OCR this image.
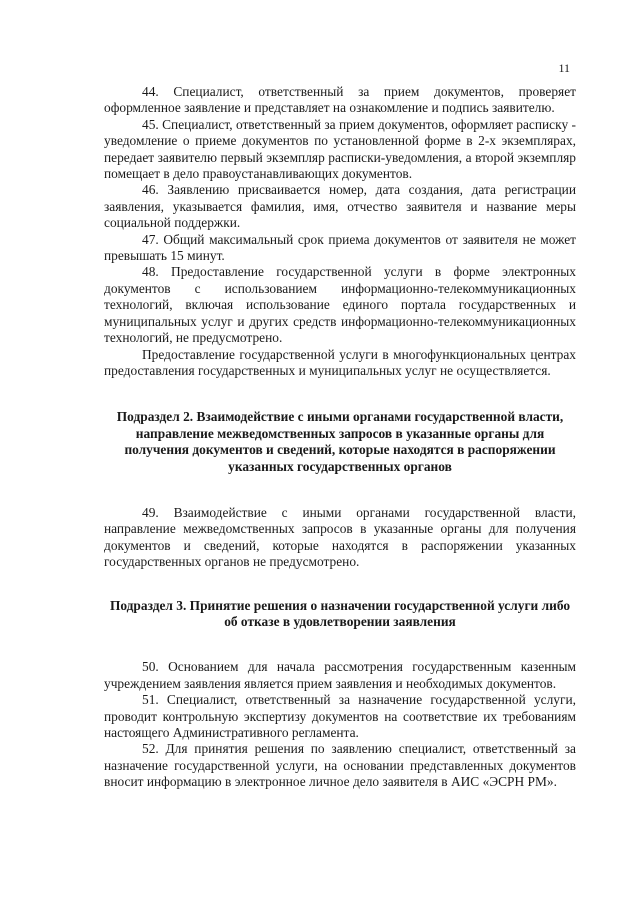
11

44. Специалист, ответственный за прием документов, проверяет оформленное заявление и представляет на ознакомление и подпись заявителю.

45. Специалист, ответственный за прием документов, оформляет расписку - уведомление о приеме документов по установленной форме в 2-х экземплярах, передает заявителю первый экземпляр расписки-уведомления, а второй экземпляр помещает в дело правоустанавливающих документов.

46. Заявлению присваивается номер, дата создания, дата регистрации заявления, указывается фамилия, имя, отчество заявителя и название меры социальной поддержки.

47. Общий максимальный срок приема документов от заявителя не может превышать 15 минут.

48. Предоставление государственной услуги в форме электронных документов с использованием информационно-телекоммуникационных технологий, включая использование единого портала государственных и муниципальных услуг и других средств информационно-телекоммуникационных технологий, не предусмотрено.

Предоставление государственной услуги в многофункциональных центрах предоставления государственных и муниципальных услуг не осуществляется.

Подраздел 2. Взаимодействие с иными органами государственной власти, направление межведомственных запросов в указанные органы для получения документов и сведений, которые находятся в распоряжении указанных государственных органов

49. Взаимодействие с иными органами государственной власти, направление межведомственных запросов в указанные органы для получения документов и сведений, которые находятся в распоряжении указанных государственных органов не предусмотрено.

Подраздел 3. Принятие решения о назначении государственной услуги либо об отказе в удовлетворении заявления

50. Основанием для начала рассмотрения государственным казенным учреждением заявления является прием заявления и необходимых документов.

51. Специалист, ответственный за назначение государственной услуги, проводит контрольную экспертизу документов на соответствие их требованиям настоящего Административного регламента.

52. Для принятия решения по заявлению специалист, ответственный за назначение государственной услуги, на основании представленных документов вносит информацию в электронное личное дело заявителя в АИС «ЭСРН РМ».
